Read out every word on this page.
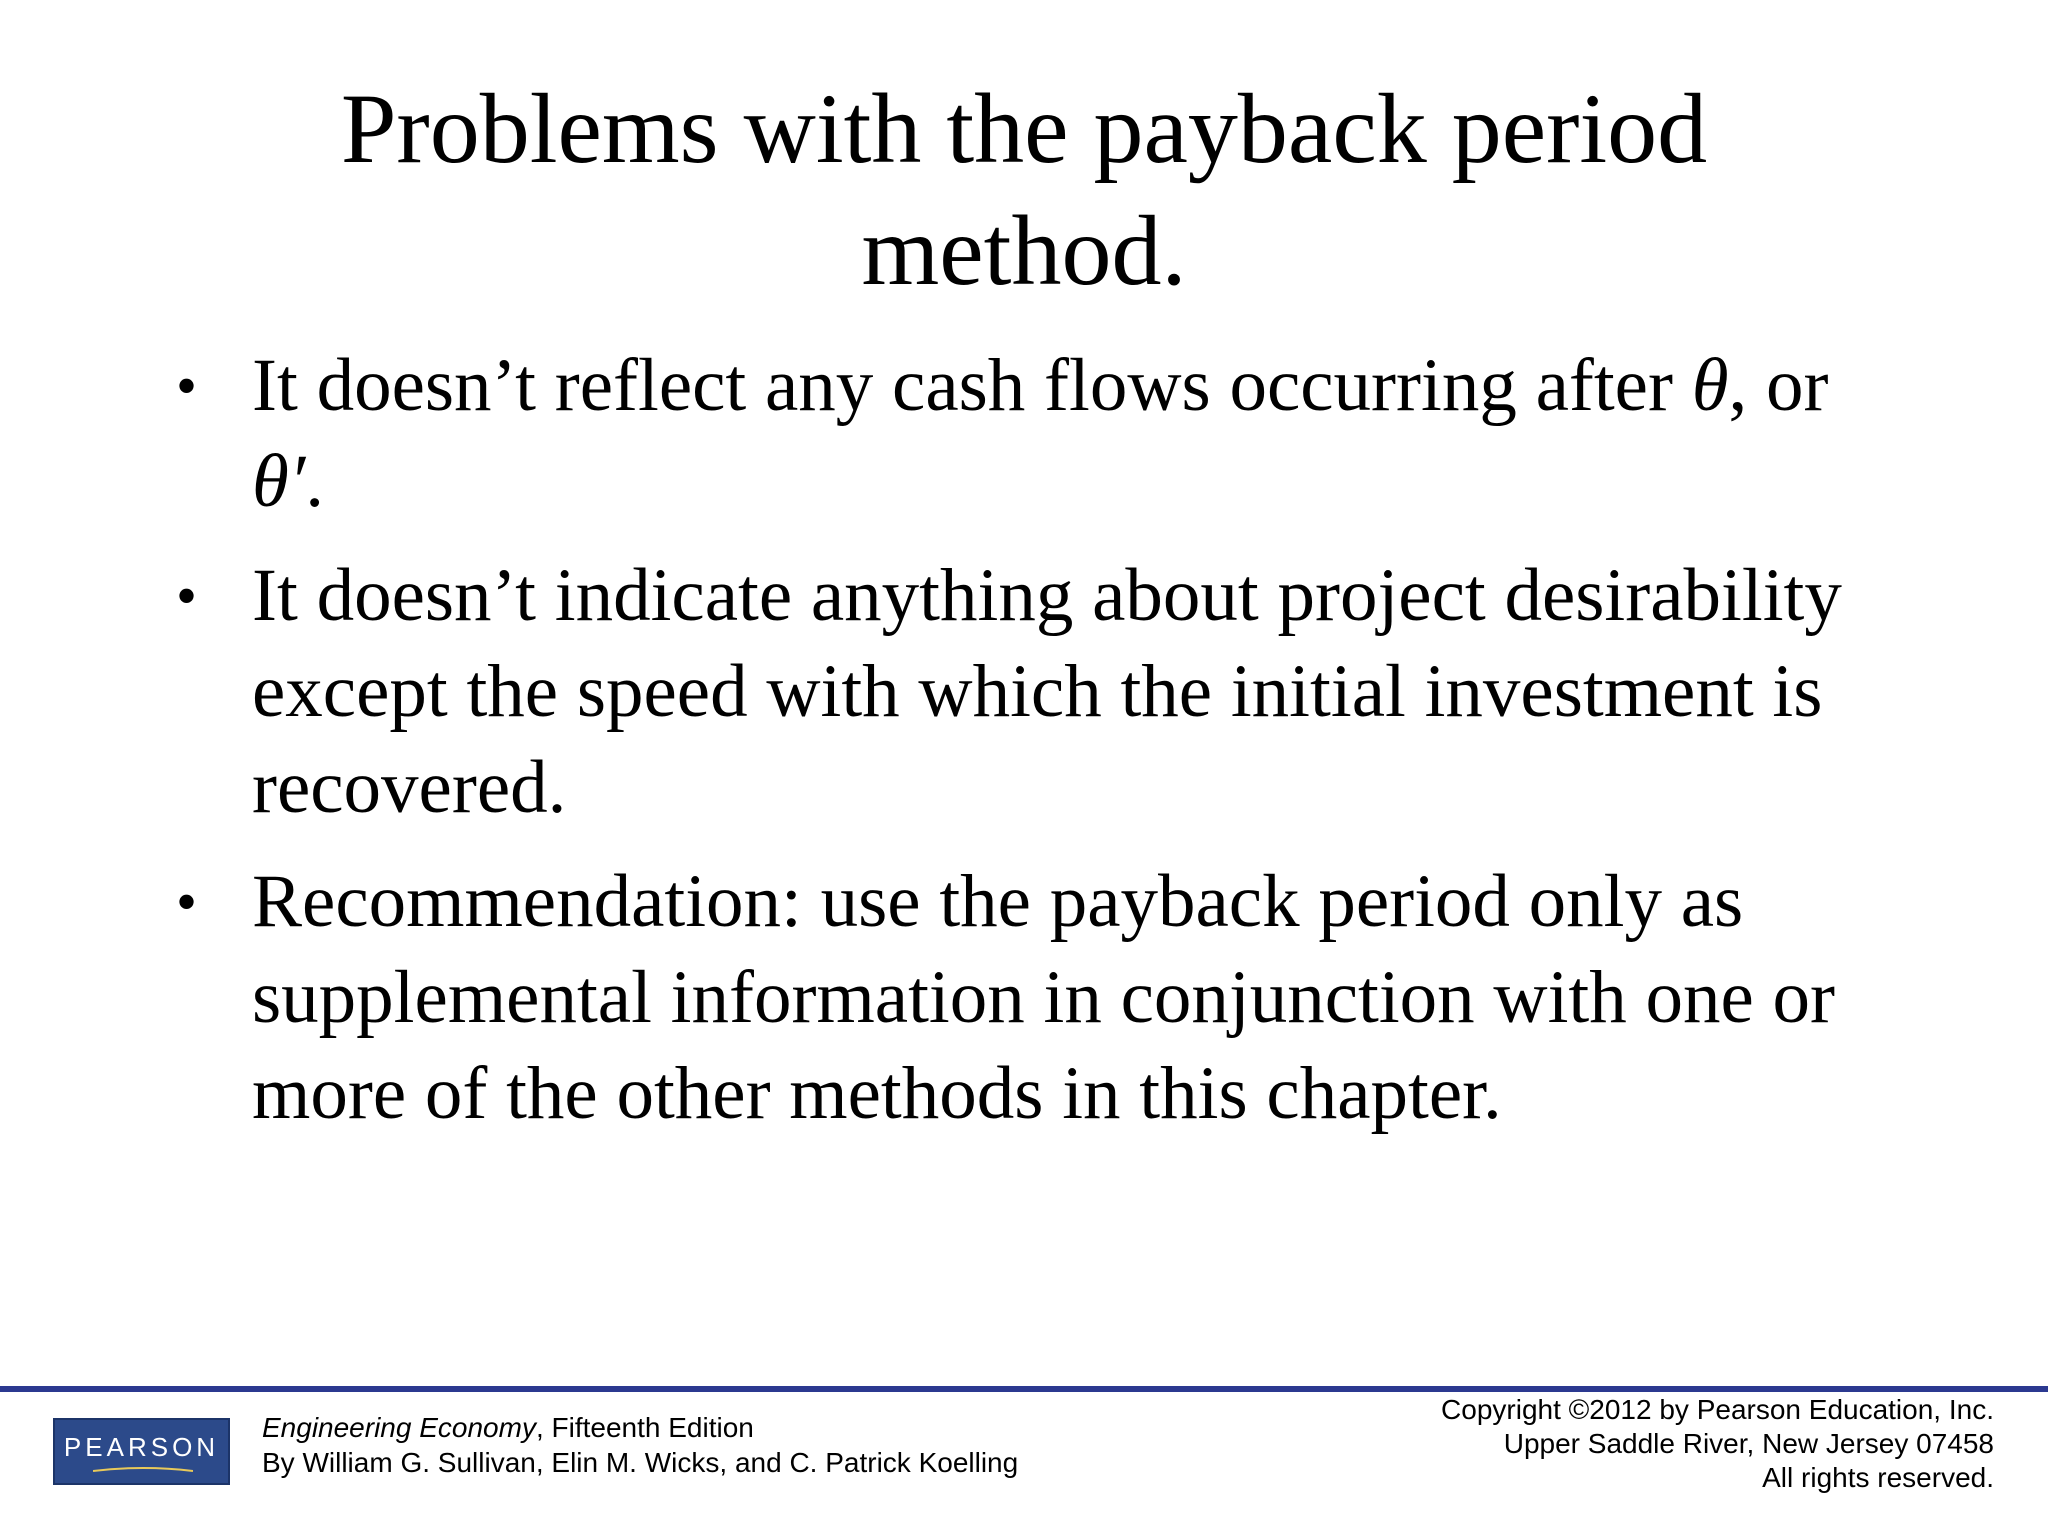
Problems with the payback period method.
• It doesn’t reflect any cash flows occurring after θ, or θ′.
• It doesn’t indicate anything about project desirability except the speed with which the initial investment is recovered.
• Recommendation: use the payback period only as supplemental information in conjunction with one or more of the other methods in this chapter.
PEARSON
Engineering Economy, Fifteenth Edition
By William G. Sullivan, Elin M. Wicks, and C. Patrick Koelling
Copyright ©2012 by Pearson Education, Inc.
Upper Saddle River, New Jersey 07458
All rights reserved.
